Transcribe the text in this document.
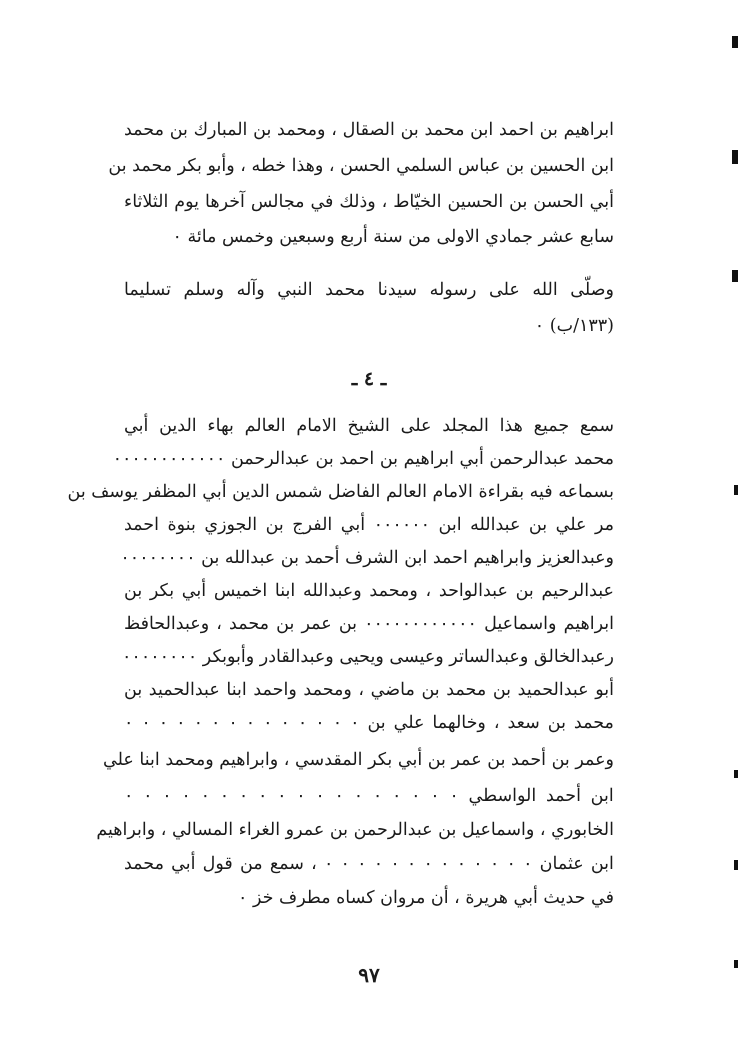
ابراهيم بن احمد ابن محمد بن الصقال ، ومحمد بن المبارك بن محمد
ابن الحسين بن عباس السلمي الحسن ، وهذا خطه ، وأبو بكر محمد بن
أبي الحسن بن الحسين الخيّاط ، وذلك في مجالس آخرها يوم الثلاثاء
سابع عشر جمادي الاولى من سنة أربع وسبعين وخمس مائة ٠
وصلّى الله على رسوله سيدنا محمد النبي وآله وسلم تسليما
(١٣٣/ب) ٠
ـ ٤ ـ
سمع جميع هذا المجلد على الشيخ الامام العالم بهاء الدين أبي
محمد عبدالرحمن أبي ابراهيم بن احمد بن عبدالرحمن ٠٠٠٠٠٠٠٠٠٠٠٠
بسماعه فيه بقراءة الامام العالم الفاضل شمس الدين أبي المظفر يوسف بن
مر علي بن عبدالله ابن ٠٠٠٠٠٠ أبي الفرج بن الجوزي بنوة احمد
وعبدالعزيز وابراهيم احمد ابن الشرف أحمد بن عبدالله بن ٠٠٠٠٠٠٠٠
عبدالرحيم بن عبدالواحد ، ومحمد وعبدالله ابنا اخميس أبي بكر بن
ابراهيم واسماعيل ٠٠٠٠٠٠٠٠٠٠٠٠ بن عمر بن محمد ، وعبدالحافظ
رعبدالخالق وعبدالساتر وعيسى ويحيى وعبدالقادر وأبوبكر ٠٠٠٠٠٠٠٠
أبو عبدالحميد بن محمد بن ماضي ، ومحمد واحمد ابنا عبدالحميد بن
محمد بن سعد ، وخالهما علي بن ٠ ٠ ٠ ٠ ٠ ٠ ٠ ٠ ٠ ٠ ٠ ٠ ٠ ٠
وعمر بن أحمد بن عمر بن أبي بكر المقدسي ، وابراهيم ومحمد ابنا علي
ابن أحمد الواسطي ٠ ٠ ٠ ٠ ٠ ٠ ٠ ٠ ٠ ٠ ٠ ٠ ٠ ٠ ٠ ٠ ٠ ٠
الخابوري ، واسماعيل بن عبدالرحمن بن عمرو الغراء المسالي ، وابراهيم
ابن عثمان ٠ ٠ ٠ ٠ ٠ ٠ ٠ ٠ ٠ ٠ ٠ ٠ ٠ ، سمع من قول أبي محمد
في حديث أبي هريرة ، أن مروان كساه مطرف خز ٠
٩٧
